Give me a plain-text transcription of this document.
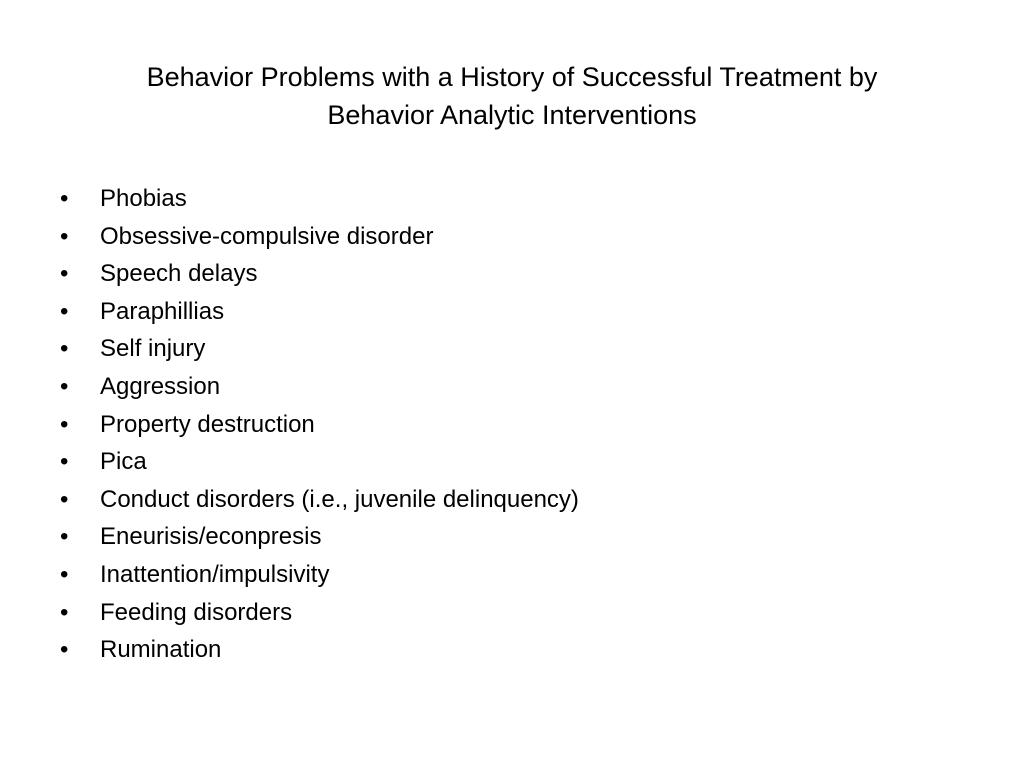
Behavior Problems with a History of Successful Treatment by
Behavior Analytic Interventions
•	Phobias
•	Obsessive-compulsive disorder
•	Speech delays
•	Paraphillias
•	Self injury
•	Aggression
•	Property destruction
•	Pica
•	Conduct disorders (i.e., juvenile delinquency)
•	Eneurisis/econpresis
•	Inattention/impulsivity
•	Feeding disorders
•	Rumination
